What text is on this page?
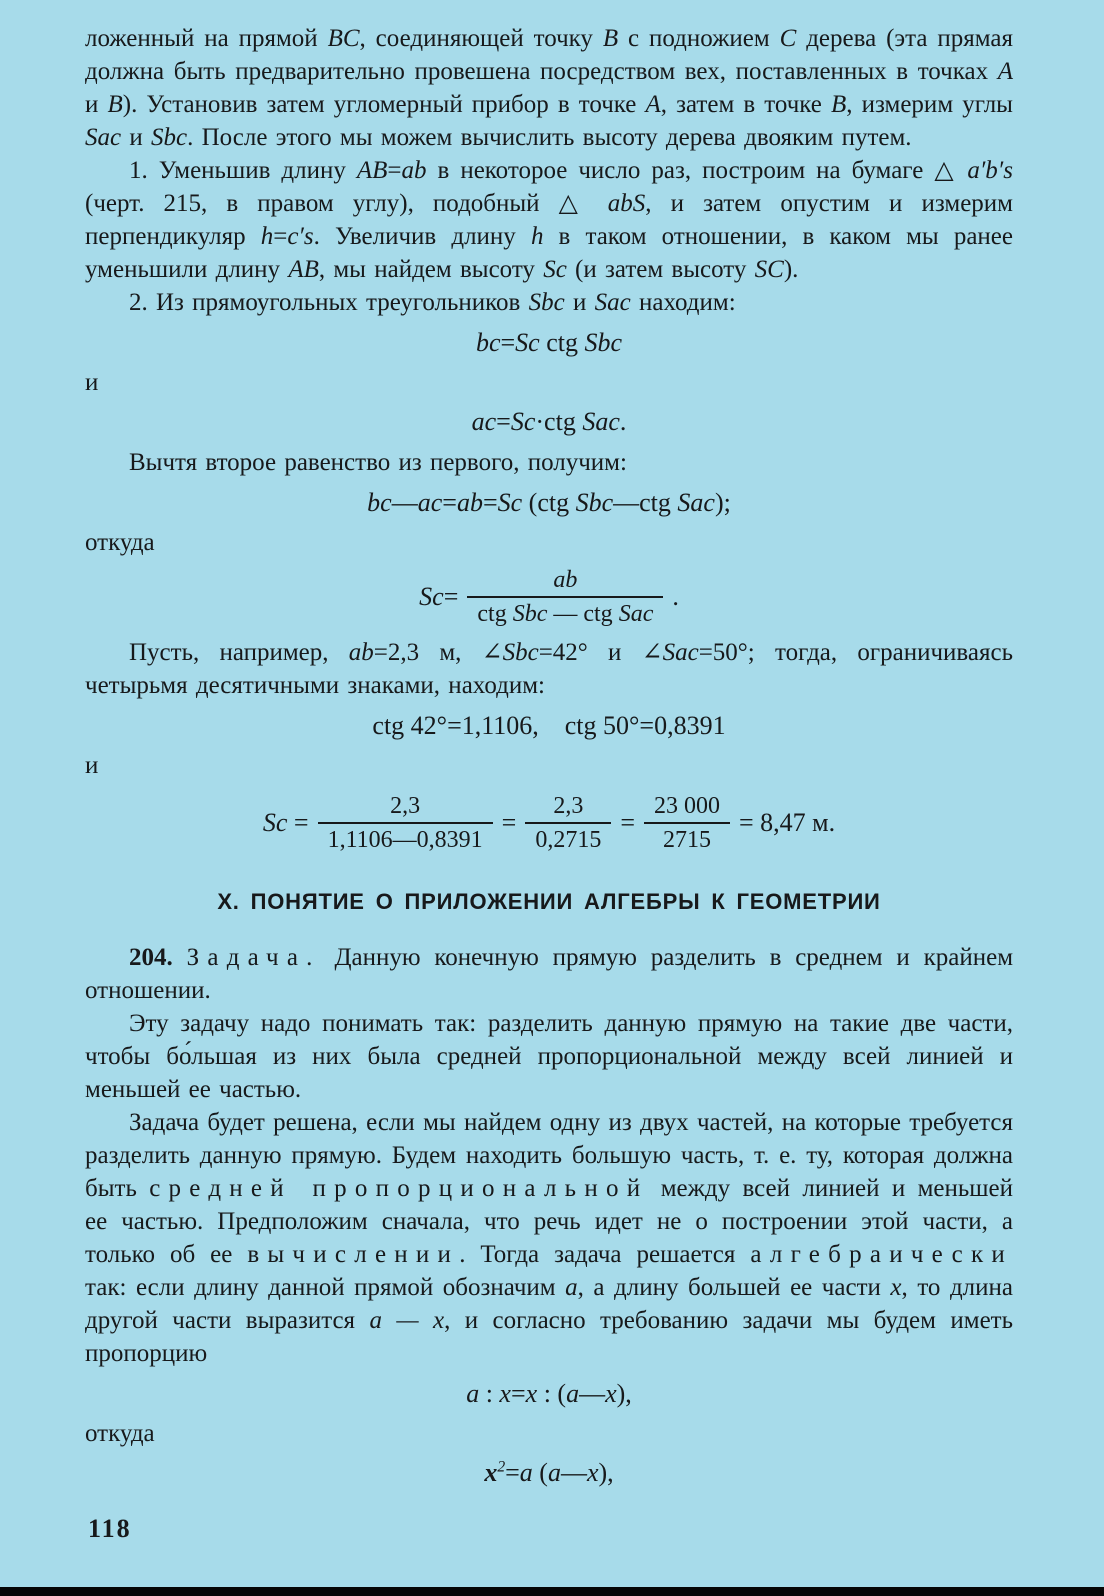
ложенный на прямой BC, соединяющей точку B с подножием C дерева (эта прямая должна быть предварительно провешена посредством вех, поставленных в точках A и B). Установив затем угломерный прибор в точке A, затем в точке B, измерим углы Sac и Sbc. После этого мы можем вычислить высоту дерева двояким путем.

1. Уменьшив длину AB=ab в некоторое число раз, построим на бумаге △ a′b′s (черт. 215, в правом углу), подобный △ abS, и затем опустим и измерим перпендикуляр h=c′s. Увеличив длину h в таком отношении, в каком мы ранее уменьшили длину AB, мы найдем высоту Sc (и затем высоту SC).

2. Из прямоугольных треугольников Sbc и Sac находим:

bc=Sc ctg Sbc

и

ac=Sc·ctg Sac.

Вычтя второе равенство из первого, получим:

bc—ac=ab=Sc (ctg Sbc—ctg Sac);

откуда

$Sc= \frac{ab}{\text{ctg Sbc — ctg Sac}}$ .

Пусть, например, ab=2,3 м, ∠Sbc=42° и ∠Sac=50°; тогда, ограничиваясь четырьмя десятичными знаками, находим:

ctg 42°=1,1106, ctg 50°=0,8391

и

$Sc = \frac{2,3}{1,1106—0,8391} = \frac{2,3}{0,2715} = \frac{23 000}{2715} = 8,47$ м.
X. ПОНЯТИЕ О ПРИЛОЖЕНИИ АЛГЕБРЫ К ГЕОМЕТРИИ

204. Задача. Данную конечную прямую разделить в среднем и крайнем отношении.

Эту задачу надо понимать так: разделить данную прямую на такие две части, чтобы бо́льшая из них была средней пропорциональной между всей линией и меньшей ее частью.

Задача будет решена, если мы найдем одну из двух частей, на которые требуется разделить данную прямую. Будем находить большую часть, т. е. ту, которая должна быть средней пропорциональной между всей линией и меньшей ее частью. Предположим сначала, что речь идет не о построении этой части, а только об ее вычислении. Тогда задача решается алгебраически так: если длину данной прямой обозначим a, а длину большей ее части x, то длина другой части выразится a — x, и согласно требованию задачи мы будем иметь пропорцию

a : x=x : (a—x),

откуда

$x^2=a$ (a—x),
118
